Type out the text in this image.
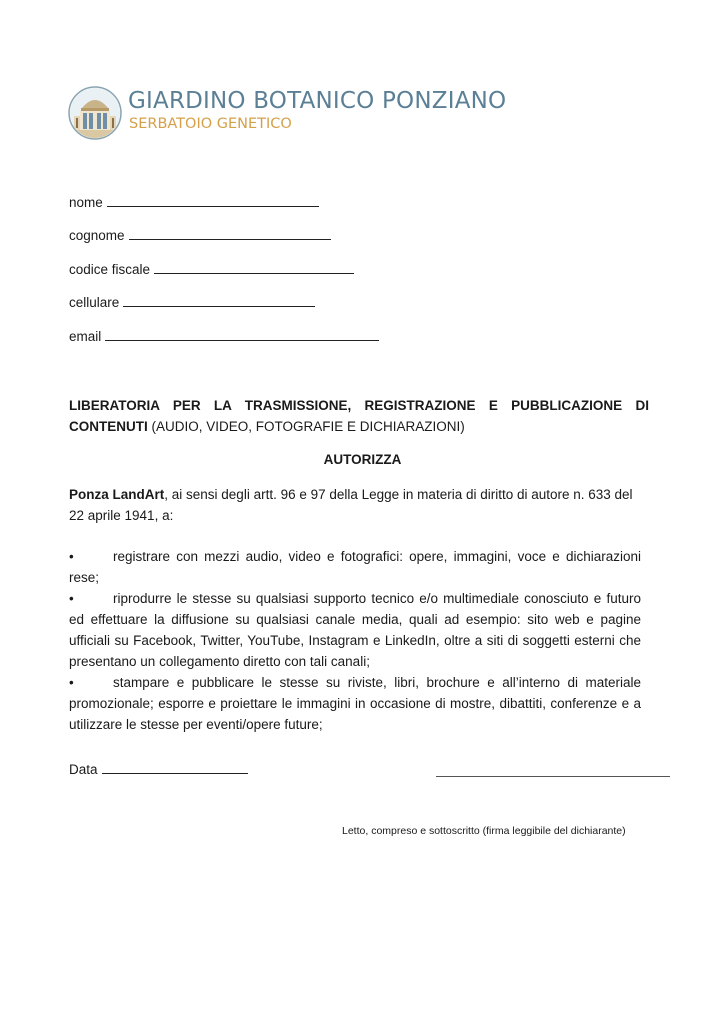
GIARDINO BOTANICO PONZIANO
SERBATOIO GENETICO
nome
cognome
codice fiscale
cellulare
email
LIBERATORIA PER LA TRASMISSIONE, REGISTRAZIONE E PUBBLICAZIONE DI CONTENUTI (AUDIO, VIDEO, FOTOGRAFIE E DICHIARAZIONI)
AUTORIZZA
Ponza LandArt, ai sensi degli artt. 96 e 97 della Legge in materia di diritto di autore n. 633 del 22 aprile 1941, a:
•	registrare con mezzi audio, video e fotografici: opere, immagini, voce e dichiarazioni rese;
•	riprodurre le stesse su qualsiasi supporto tecnico e/o multimediale conosciuto e futuro ed effettuare la diffusione su qualsiasi canale media, quali ad esempio: sito web e pagine ufficiali su Facebook, Twitter, YouTube, Instagram e LinkedIn, oltre a siti di soggetti esterni che presentano un collegamento diretto con tali canali;
•	stampare e pubblicare le stesse su riviste, libri, brochure e all’interno di materiale promozionale; esporre e proiettare le immagini in occasione di mostre, dibattiti, conferenze e a utilizzare le stesse per eventi/opere future;
Data
Letto, compreso e sottoscritto (firma leggibile del dichiarante)
